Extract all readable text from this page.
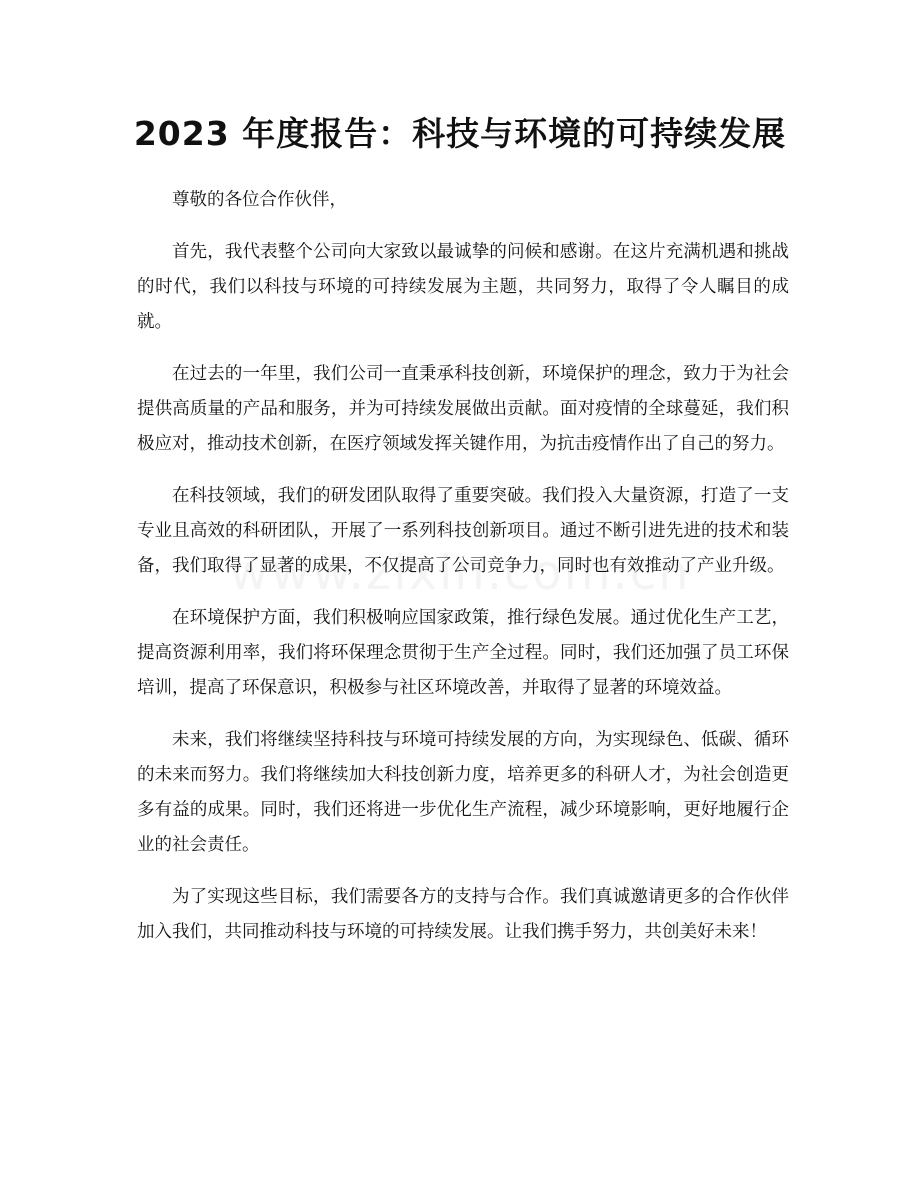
2023 年度报告：科技与环境的可持续发展

尊敬的各位合作伙伴，

首先，我代表整个公司向大家致以最诚挚的问候和感谢。在这片充满机遇和挑战的时代，我们以科技与环境的可持续发展为主题，共同努力，取得了令人瞩目的成就。

在过去的一年里，我们公司一直秉承科技创新，环境保护的理念，致力于为社会提供高质量的产品和服务，并为可持续发展做出贡献。面对疫情的全球蔓延，我们积极应对，推动技术创新，在医疗领域发挥关键作用，为抗击疫情作出了自己的努力。

在科技领域，我们的研发团队取得了重要突破。我们投入大量资源，打造了一支专业且高效的科研团队，开展了一系列科技创新项目。通过不断引进先进的技术和装备，我们取得了显著的成果，不仅提高了公司竞争力，同时也有效推动了产业升级。

在环境保护方面，我们积极响应国家政策，推行绿色发展。通过优化生产工艺，提高资源利用率，我们将环保理念贯彻于生产全过程。同时，我们还加强了员工环保培训，提高了环保意识，积极参与社区环境改善，并取得了显著的环境效益。

未来，我们将继续坚持科技与环境可持续发展的方向，为实现绿色、低碳、循环的未来而努力。我们将继续加大科技创新力度，培养更多的科研人才，为社会创造更多有益的成果。同时，我们还将进一步优化生产流程，减少环境影响，更好地履行企业的社会责任。

为了实现这些目标，我们需要各方的支持与合作。我们真诚邀请更多的合作伙伴加入我们，共同推动科技与环境的可持续发展。让我们携手努力，共创美好未来！
